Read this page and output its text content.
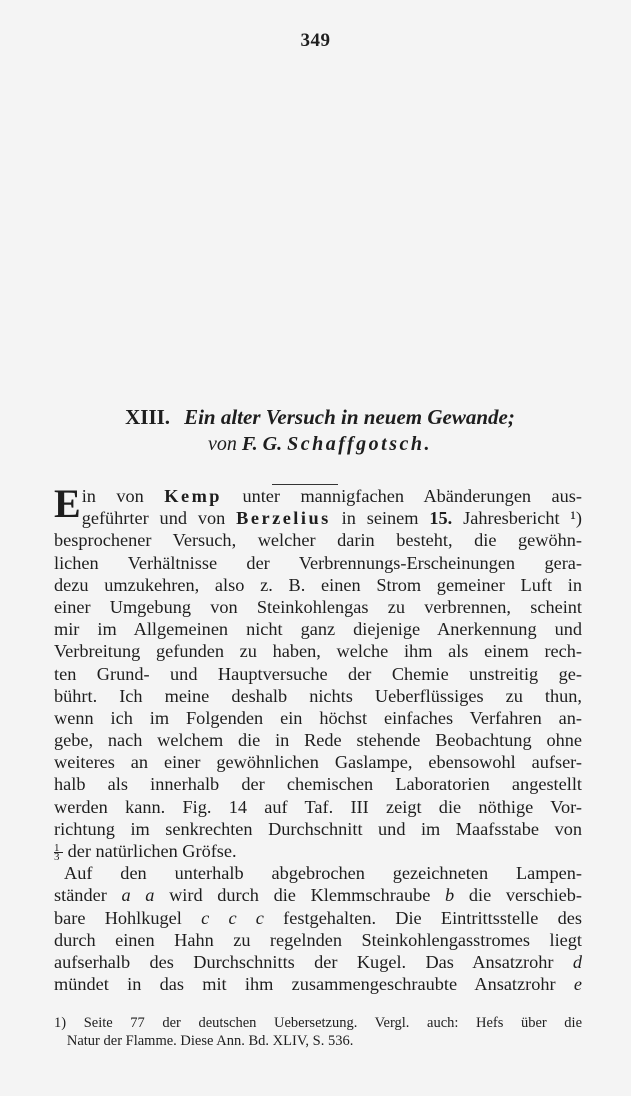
349
XIII. Ein alter Versuch in neuem Gewande;
von F. G. Schaffgotsch.
E in von Kemp unter mannigfachen Abänderungen aus-
geführter und von Berzelius in seinem 15. Jahresbericht ¹)
besprochener Versuch, welcher darin besteht, die gewöhn-
lichen Verhältnisse der Verbrennungs-Erscheinungen gera-
dezu umzukehren, also z. B. einen Strom gemeiner Luft in
einer Umgebung von Steinkohlengas zu verbrennen, scheint
mir im Allgemeinen nicht ganz diejenige Anerkennung und
Verbreitung gefunden zu haben, welche ihm als einem rech-
ten Grund- und Hauptversuche der Chemie unstreitig ge-
bührt. Ich meine deshalb nichts Ueberflüssiges zu thun,
wenn ich im Folgenden ein höchst einfaches Verfahren an-
gebe, nach welchem die in Rede stehende Beobachtung ohne
weiteres an einer gewöhnlichen Gaslampe, ebensowohl aufser-
halb als innerhalb der chemischen Laboratorien angestellt
werden kann. Fig. 14 auf Taf. III zeigt die nöthige Vor-
richtung im senkrechten Durchschnitt und im Maafsstabe von
$\frac{1}{3}$ der natürlichen Gröfse.
Auf den unterhalb abgebrochen gezeichneten Lampen-
ständer a a wird durch die Klemmschraube b die verschieb-
bare Hohlkugel c c c festgehalten. Die Eintrittsstelle des
durch einen Hahn zu regelnden Steinkohlengasstromes liegt
aufserhalb des Durchschnitts der Kugel. Das Ansatzrohr d
mündet in das mit ihm zusammengeschraubte Ansatzrohr e
1) Seite 77 der deutschen Uebersetzung. Vergl. auch: Hefs über die
Natur der Flamme. Diese Ann. Bd. XLIV, S. 536.
